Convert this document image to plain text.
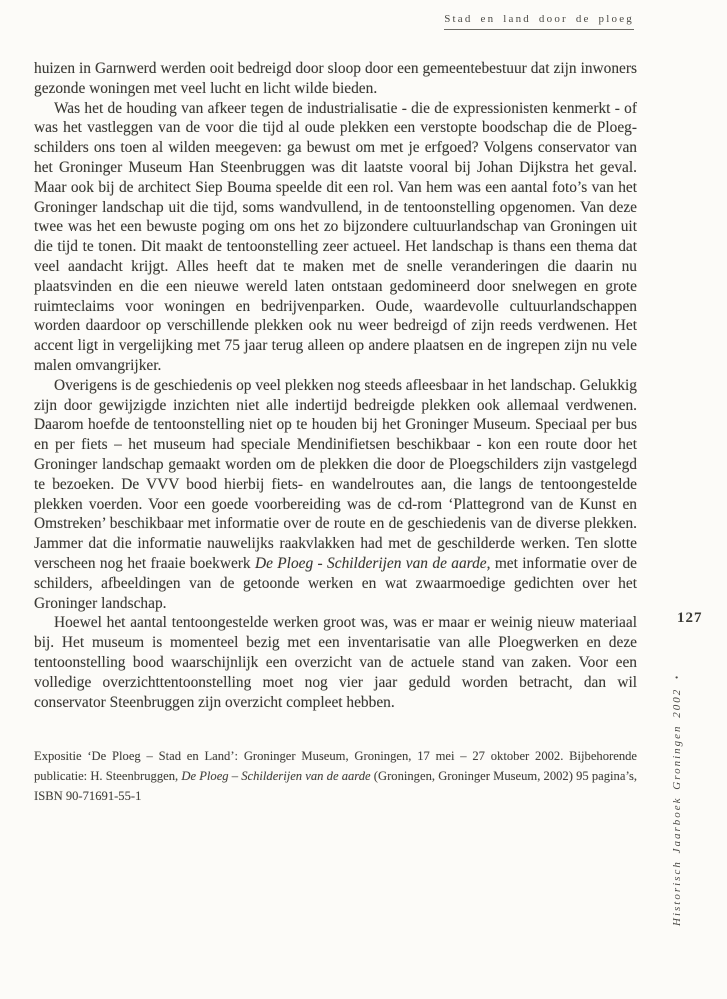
Stad en land door de ploeg

huizen in Garnwerd werden ooit bedreigd door sloop door een gemeentebestuur dat zijn inwoners gezonde woningen met veel lucht en licht wilde bieden.

Was het de houding van afkeer tegen de industrialisatie - die de expressionisten kenmerkt - of was het vastleggen van de voor die tijd al oude plekken een verstopte boodschap die de Ploeg-schilders ons toen al wilden meegeven: ga bewust om met je erfgoed? Volgens conservator van het Groninger Museum Han Steenbruggen was dit laatste vooral bij Johan Dijkstra het geval. Maar ook bij de architect Siep Bouma speelde dit een rol. Van hem was een aantal foto’s van het Groninger landschap uit die tijd, soms wandvullend, in de tentoonstelling opgenomen. Van deze twee was het een bewuste poging om ons het zo bijzondere cultuurlandschap van Groningen uit die tijd te tonen. Dit maakt de tentoonstelling zeer actueel. Het landschap is thans een thema dat veel aandacht krijgt. Alles heeft dat te maken met de snelle veranderingen die daarin nu plaatsvinden en die een nieuwe wereld laten ontstaan gedomineerd door snelwegen en grote ruimteclaims voor woningen en bedrijvenparken. Oude, waardevolle cultuurlandschappen worden daardoor op verschillende plekken ook nu weer bedreigd of zijn reeds verdwenen. Het accent ligt in vergelijking met 75 jaar terug alleen op andere plaatsen en de ingrepen zijn nu vele malen omvangrijker.

Overigens is de geschiedenis op veel plekken nog steeds afleesbaar in het landschap. Gelukkig zijn door gewijzigde inzichten niet alle indertijd bedreigde plekken ook allemaal verdwenen. Daarom hoefde de tentoonstelling niet op te houden bij het Groninger Museum. Speciaal per bus en per fiets – het museum had speciale Mendinifietsen beschikbaar - kon een route door het Groninger landschap gemaakt worden om de plekken die door de Ploegschilders zijn vastgelegd te bezoeken. De VVV bood hierbij fiets- en wandelroutes aan, die langs de tentoongestelde plekken voerden. Voor een goede voorbereiding was de cd-rom ‘Plattegrond van de Kunst en Omstreken’ beschikbaar met informatie over de route en de geschiedenis van de diverse plekken. Jammer dat die informatie nauwelijks raakvlakken had met de geschilderde werken. Ten slotte verscheen nog het fraaie boekwerk De Ploeg - Schilderijen van de aarde, met informatie over de schilders, afbeeldingen van de getoonde werken en wat zwaarmoedige gedichten over het Groninger landschap.

Hoewel het aantal tentoongestelde werken groot was, was er maar er weinig nieuw materiaal bij. Het museum is momenteel bezig met een inventarisatie van alle Ploegwerken en deze tentoonstelling bood waarschijnlijk een overzicht van de actuele stand van zaken. Voor een volledige overzichttentoonstelling moet nog vier jaar geduld worden betracht, dan wil conservator Steenbruggen zijn overzicht compleet hebben.

Expositie ‘De Ploeg – Stad en Land’: Groninger Museum, Groningen, 17 mei – 27 oktober 2002. Bijbehorende publicatie: H. Steenbruggen, De Ploeg – Schilderijen van de aarde (Groningen, Groninger Museum, 2002) 95 pagina’s, ISBN 90-71691-55-1
127
Historisch Jaarboek Groningen 2002•
